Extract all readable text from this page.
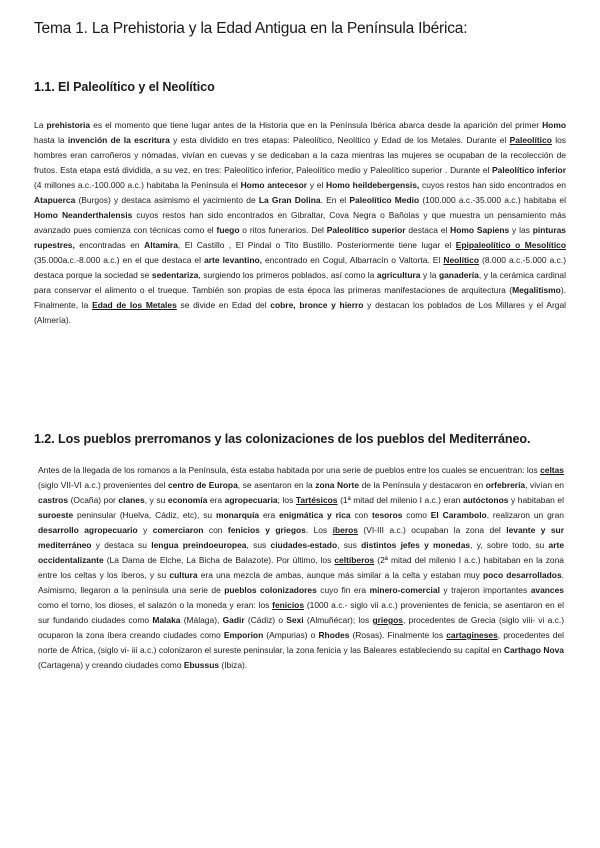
Tema 1. La Prehistoria y la Edad Antigua en la Península Ibérica:
1.1. El Paleolítico y el Neolítico

La prehistoria es el momento que tiene lugar antes de la Historia que en la Península Ibérica abarca desde la aparición del primer Homo hasta la invención de la escritura y esta dividido en tres etapas: Paleolítico, Neolítico y Edad de los Metales. Durante el Paleolítico los hombres eran carroñeros y nómadas, vivían en cuevas y se dedicaban a la caza mientras las mujeres se ocupaban de la recolección de frutos. Esta etapa está dividida, a su vez, en tres: Paleolítico inferior, Paleolítico medio y Paleolítico superior . Durante el Paleolítico inferior (4 millones a.c.-100.000 a.c.) habitaba la Península el Homo antecesor y el Homo heildebergensis, cuyos restos han sido encontrados en Atapuerca (Burgos) y destaca asimismo el yacimiento de La Gran Dolina. En el Paleolítico Medio (100.000 a.c.-35.000 a.c.) habitaba el Homo Neanderthalensis cuyos restos han sido encontrados en Gibraltar, Cova Negra o Bañolas y que muestra un pensamiento más avanzado pues comienza con técnicas como el fuego o ritos funerarios. Del Paleolítico superior destaca el Homo Sapiens y las pinturas rupestres, encontradas en Altamira, El Castillo , El Pindal o Tito Bustillo. Posteriormente tiene lugar el Epipaleolítico o Mesolítico (35.000a.c.-8.000 a.c.) en el que destaca el arte levantino, encontrado en Cogul, Albarracín o Valtorta. El Neolítico (8.000 a.c.-5.000 a.c.) destaca porque la sociedad se sedentariza, surgiendo los primeros poblados, así como la agricultura y la ganadería, y la cerámica cardinal para conservar el alimento o el trueque. También son propias de esta época las primeras manifestaciones de arquitectura (Megalitismo). Finalmente, la Edad de los Metales se divide en Edad del cobre, bronce y hierro y destacan los poblados de Los Millares y el Argal (Almería).

1.2. Los pueblos prerromanos y las colonizaciones de los pueblos del Mediterráneo.

Antes de la llegada de los romanos a la Península, ésta estaba habitada por una serie de pueblos entre los cuales se encuentran: los celtas (siglo VII-VI a.c.) provenientes del centro de Europa, se asentaron en la zona Norte de la Península y destacaron en orfebrería, vivían en castros (Ocaña) por clanes, y su economía era agropecuaria; los Tartésicos (1ª mitad del milenio I a.c.) eran autóctonos y habitaban el suroeste peninsular (Huelva, Cádiz, etc), su monarquía era enigmática y rica con tesoros como El Carambolo, realizaron un gran desarrollo agropecuario y comerciaron con fenicios y griegos. Los íberos (VI-III a.c.) ocupaban la zona del levante y sur mediterráneo y destaca su lengua preindoeuropea, sus ciudades-estado, sus distintos jefes y monedas, y, sobre todo, su arte occidentalizante (La Dama de Elche, La Bicha de Balazote). Por último, los celtíberos (2ª mitad del milenio I a.c.) habitaban en la zona entre los celtas y los íberos, y su cultura era una mezcla de ambas, aunque más similar a la celta y estaban muy poco desarrollados. Asimismo, llegaron a la península una serie de pueblos colonizadores cuyo fin era minero-comercial y trajeron importantes avances como el torno, los dioses, el salazón o la moneda y eran: los fenicios (1000 a.c.- siglo vii a.c.) provenientes de fenicia, se asentaron en el sur fundando ciudades como Malaka (Málaga), Gadir (Cádiz) o Sexi (Almuñécar); los griegos, procedentes de Grecia (siglo viii- vi a.c.) ocuparon la zona íbera creando ciudades como Emporion (Ampurias) o Rhodes (Rosas). Finalmente los cartagineses, procedentes del norte de África, (siglo vi- iii a.c.) colonizaron el sureste peninsular, la zona fenicia y las Baleares estableciendo su capital en Carthago Nova (Cartagena) y creando ciudades como Ebussus (Ibiza).
